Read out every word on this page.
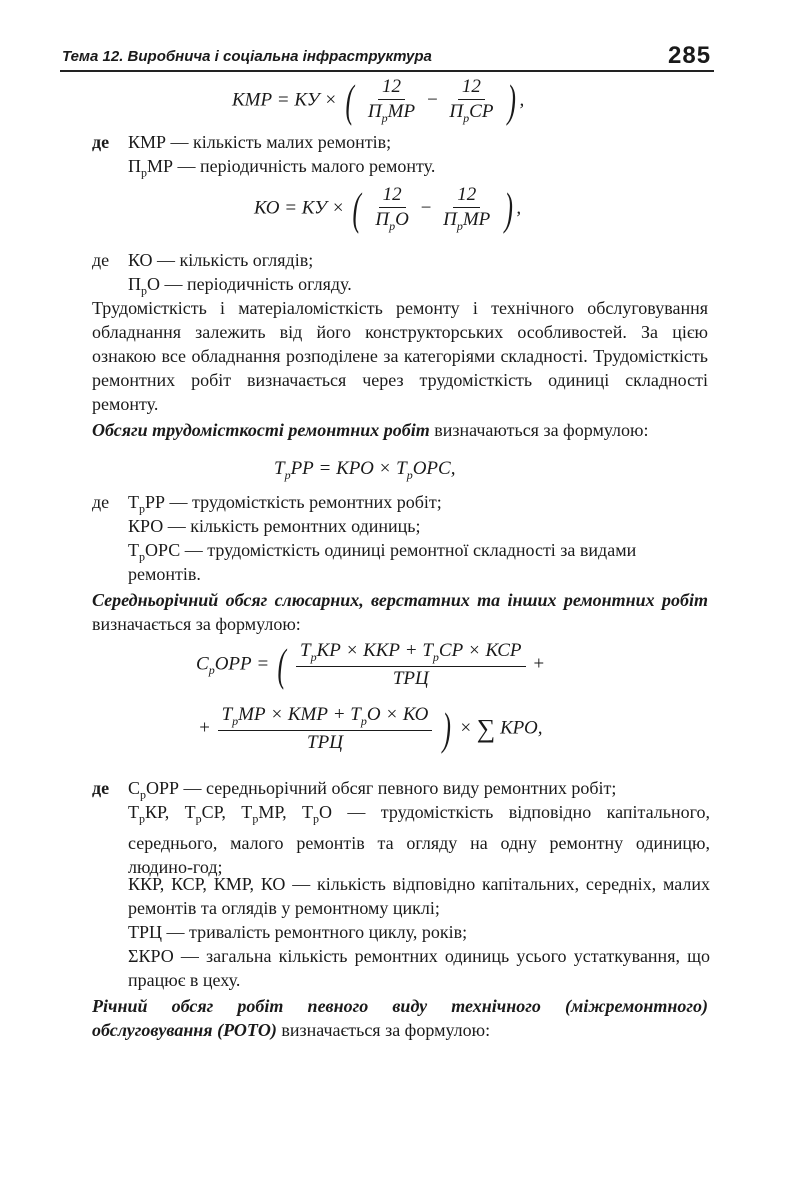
Тема 12. Виробнича і соціальна інфраструктура	285
КМР = КУ × ( $\frac{12}{П_рМР} - \frac{12}{П_рСР}$ ) ,
де КМР — кількість малих ремонтів;
$П_рМР$ — періодичність малого ремонту.
КО = КУ × ( $\frac{12}{П_рО} - \frac{12}{П_рМР}$ ) ,
де КО — кількість оглядів;
$П_рО$ — періодичність огляду.
Трудомісткість і матеріаломісткість ремонту і технічного обслуговування обладнання залежить від його конструкторських особливостей. За цією ознакою все обладнання розподілене за категоріями складності. Трудомісткість ремонтних робіт визначається через трудомісткість одиниці складності ремонту.
Обсяги трудомісткості ремонтних робіт визначаються за формулою:
$Т_рРР$ = КРО × $Т_рОРС$,
де $Т_рРР$ — трудомісткість ремонтних робіт;
КРО — кількість ремонтних одиниць;
$Т_рОРС$ — трудомісткість одиниці ремонтної складності за видами
ремонтів.
Середньорічний обсяг слюсарних, верстатних та інших ремонтних робіт визначається за формулою:
$С_рОРР$ = ( $\frac{Т_рКР \times ККР + Т_рСР \times КСР}{\text{ТРЦ}}$ +
+ $\frac{Т_рМР \times КМР + Т_рО \times КО}{\text{ТРЦ}}$ ) × ∑ КРО,
де $С_рОРР$ — середньорічний обсяг певного виду ремонтних робіт;
$Т_рКР$, $Т_рСР$, $Т_рМР$, $Т_рО$ — трудомісткість відповідно капітального, середнього, малого ремонтів та огляду на одну ремонтну одиницю, людино-год;
ККР, КСР, КМР, КО — кількість відповідно капітальних, середніх, малих ремонтів та оглядів у ремонтному циклі;
ТРЦ — тривалість ремонтного циклу, років;
ΣКРО — загальна кількість ремонтних одиниць усього устаткування, що працює в цеху.
Річний обсяг робіт певного виду технічного (міжремонтного) обслуговування (РОТО) визначається за формулою:
